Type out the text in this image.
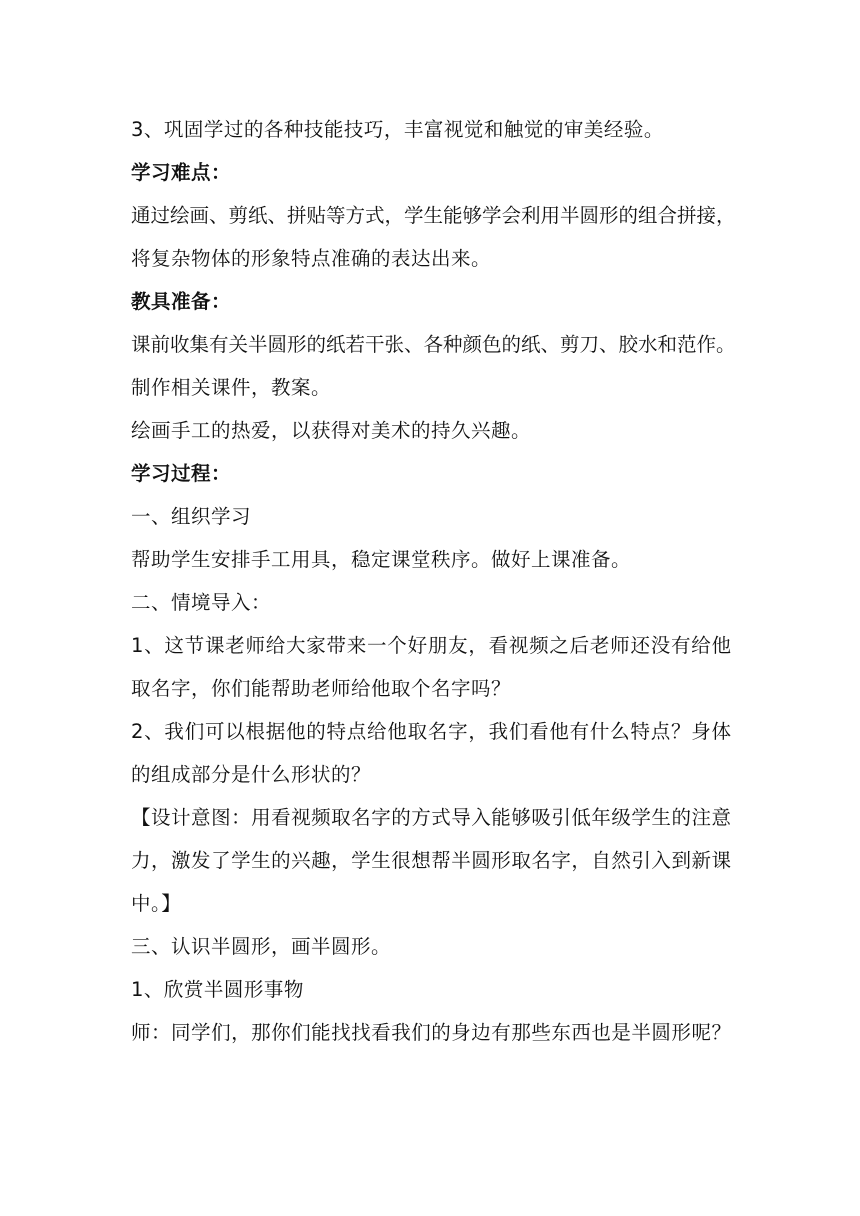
3、巩固学过的各种技能技巧，丰富视觉和触觉的审美经验。
学习难点：
通过绘画、剪纸、拼贴等方式，学生能够学会利用半圆形的组合拼接，
将复杂物体的形象特点准确的表达出来。
教具准备：
课前收集有关半圆形的纸若干张、各种颜色的纸、剪刀、胶水和范作。
制作相关课件，教案。
绘画手工的热爱，以获得对美术的持久兴趣。
学习过程：
一、组织学习
帮助学生安排手工用具，稳定课堂秩序。做好上课准备。
二、情境导入：
1、这节课老师给大家带来一个好朋友，看视频之后老师还没有给他
取名字，你们能帮助老师给他取个名字吗？
2、我们可以根据他的特点给他取名字，我们看他有什么特点？身体
的组成部分是什么形状的？
【设计意图：用看视频取名字的方式导入能够吸引低年级学生的注意
力，激发了学生的兴趣，学生很想帮半圆形取名字，自然引入到新课
中。】
三、认识半圆形，画半圆形。
1、欣赏半圆形事物
师：同学们，那你们能找找看我们的身边有那些东西也是半圆形呢？
